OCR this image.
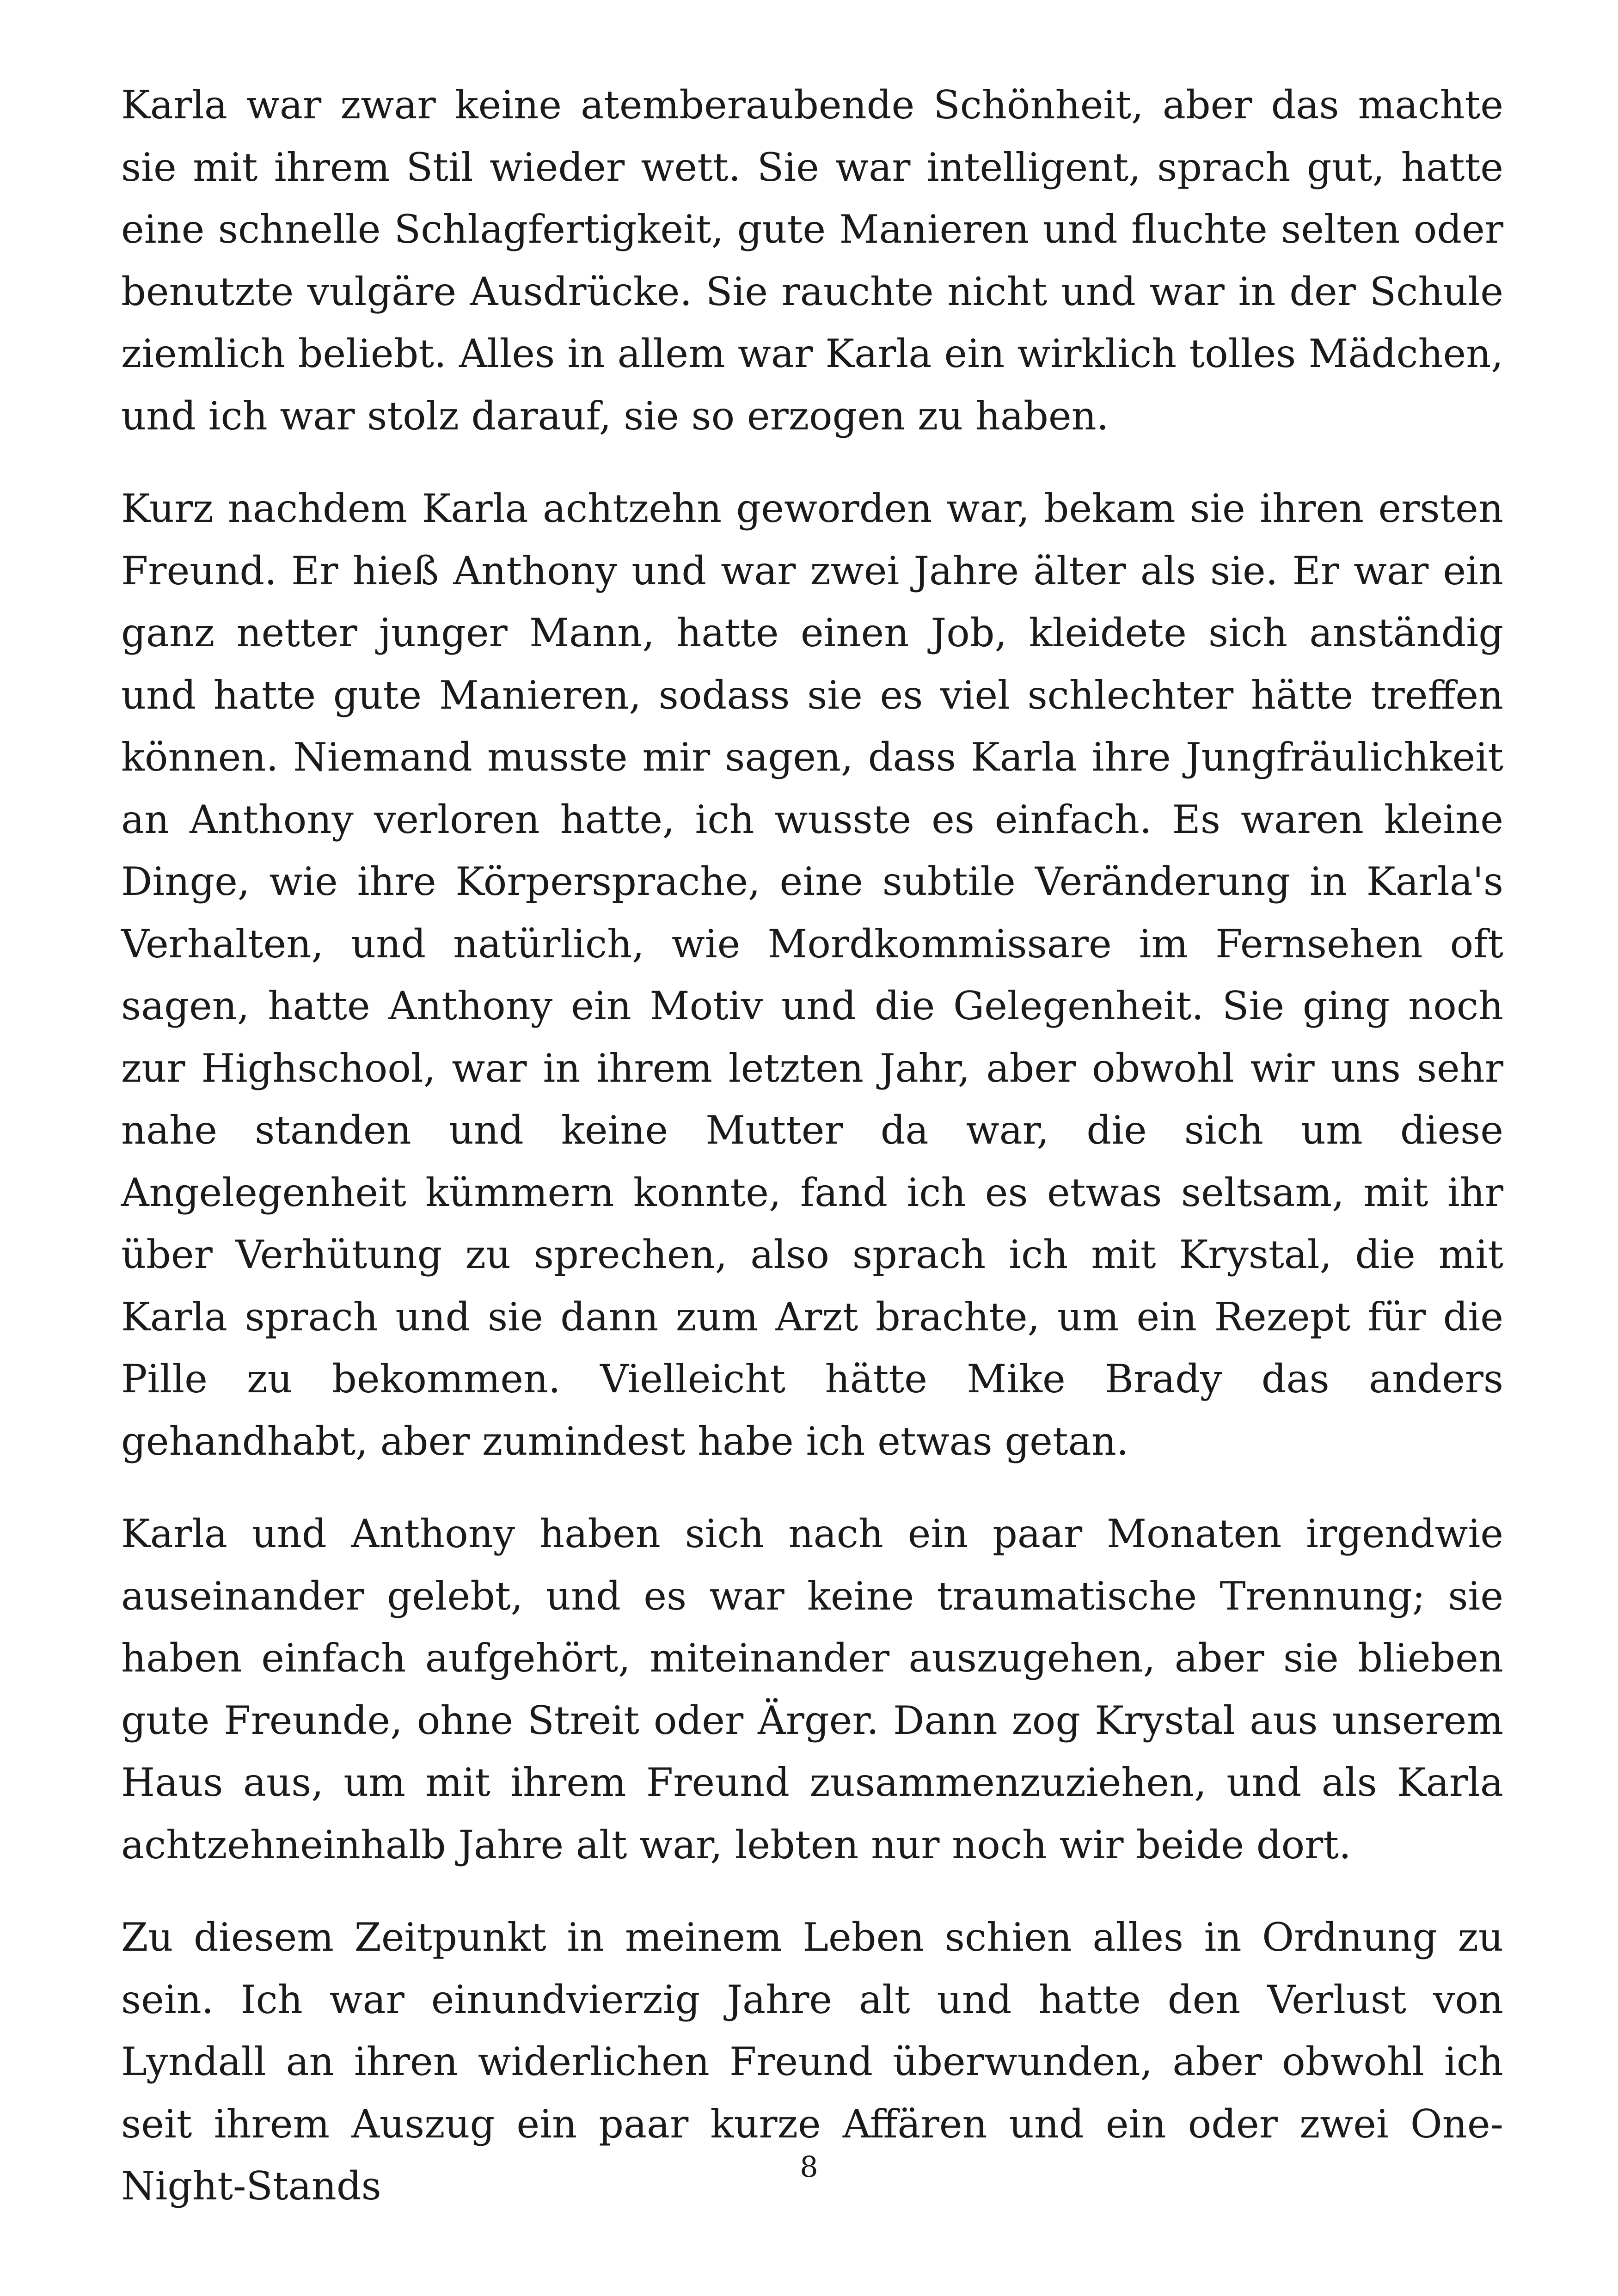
Karla war zwar keine atemberaubende Schönheit, aber das machte sie mit ihrem Stil wieder wett. Sie war intelligent, sprach gut, hatte eine schnelle Schlagfertigkeit, gute Manieren und fluchte selten oder benutzte vulgäre Ausdrücke. Sie rauchte nicht und war in der Schule ziemlich beliebt. Alles in allem war Karla ein wirklich tolles Mädchen, und ich war stolz darauf, sie so erzogen zu haben.

Kurz nachdem Karla achtzehn geworden war, bekam sie ihren ersten Freund. Er hieß Anthony und war zwei Jahre älter als sie. Er war ein ganz netter junger Mann, hatte einen Job, kleidete sich anständig und hatte gute Manieren, sodass sie es viel schlechter hätte treffen können. Niemand musste mir sagen, dass Karla ihre Jungfräulichkeit an Anthony verloren hatte, ich wusste es einfach. Es waren kleine Dinge, wie ihre Körpersprache, eine subtile Veränderung in Karla's Verhalten, und natürlich, wie Mordkommissare im Fernsehen oft sagen, hatte Anthony ein Motiv und die Gelegenheit. Sie ging noch zur Highschool, war in ihrem letzten Jahr, aber obwohl wir uns sehr nahe standen und keine Mutter da war, die sich um diese Angelegenheit kümmern konnte, fand ich es etwas seltsam, mit ihr über Verhütung zu sprechen, also sprach ich mit Krystal, die mit Karla sprach und sie dann zum Arzt brachte, um ein Rezept für die Pille zu bekommen. Vielleicht hätte Mike Brady das anders gehandhabt, aber zumindest habe ich etwas getan.

Karla und Anthony haben sich nach ein paar Monaten irgendwie auseinander gelebt, und es war keine traumatische Trennung; sie haben einfach aufgehört, miteinander auszugehen, aber sie blieben gute Freunde, ohne Streit oder Ärger. Dann zog Krystal aus unserem Haus aus, um mit ihrem Freund zusammenzuziehen, und als Karla achtzehneinhalb Jahre alt war, lebten nur noch wir beide dort.

Zu diesem Zeitpunkt in meinem Leben schien alles in Ordnung zu sein. Ich war einundvierzig Jahre alt und hatte den Verlust von Lyndall an ihren widerlichen Freund überwunden, aber obwohl ich seit ihrem Auszug ein paar kurze Affären und ein oder zwei One-Night-Stands	8
